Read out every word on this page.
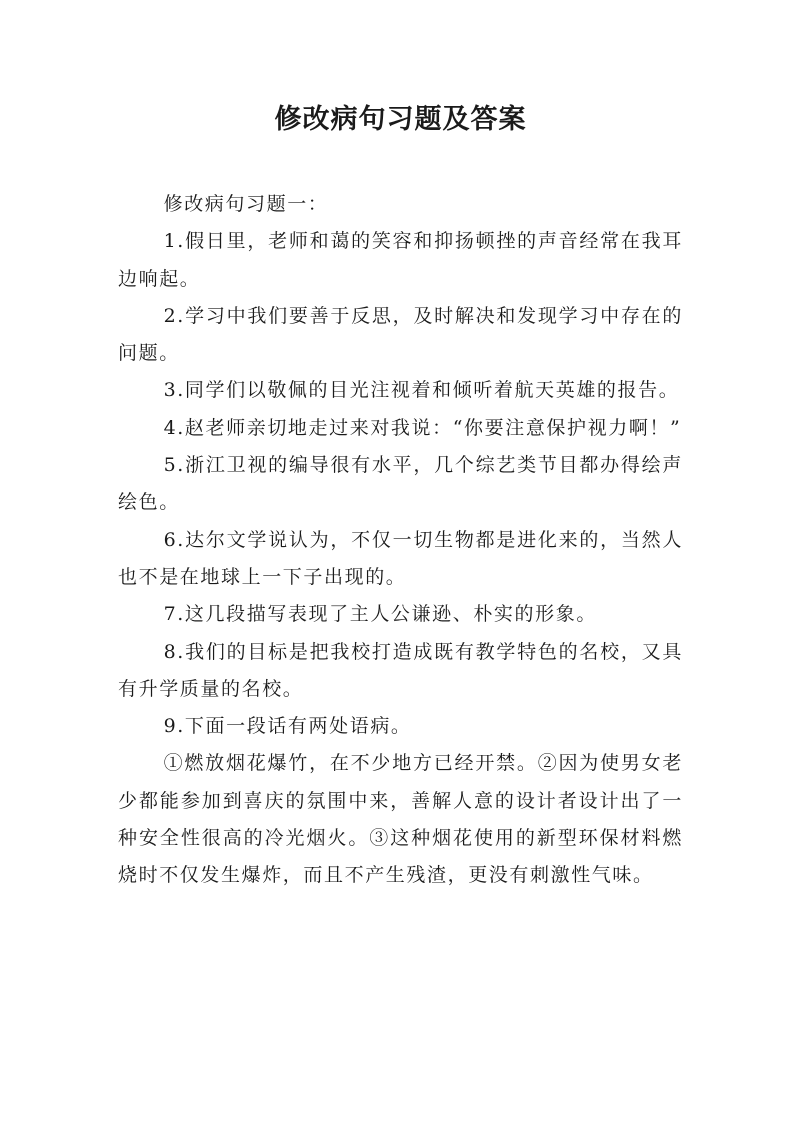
修改病句习题及答案

修改病句习题一：

1.假日里，老师和蔼的笑容和抑扬顿挫的声音经常在我耳边响起。

2.学习中我们要善于反思，及时解决和发现学习中存在的问题。

3.同学们以敬佩的目光注视着和倾听着航天英雄的报告。

4.赵老师亲切地走过来对我说：“你要注意保护视力啊！”

5.浙江卫视的编导很有水平，几个综艺类节目都办得绘声绘色。

6.达尔文学说认为，不仅一切生物都是进化来的，当然人也不是在地球上一下子出现的。

7.这几段描写表现了主人公谦逊、朴实的形象。

8.我们的目标是把我校打造成既有教学特色的名校，又具有升学质量的名校。

9.下面一段话有两处语病。

①燃放烟花爆竹，在不少地方已经开禁。②因为使男女老少都能参加到喜庆的氛围中来，善解人意的设计者设计出了一种安全性很高的冷光烟火。③这种烟花使用的新型环保材料燃烧时不仅发生爆炸，而且不产生残渣，更没有刺激性气味。
